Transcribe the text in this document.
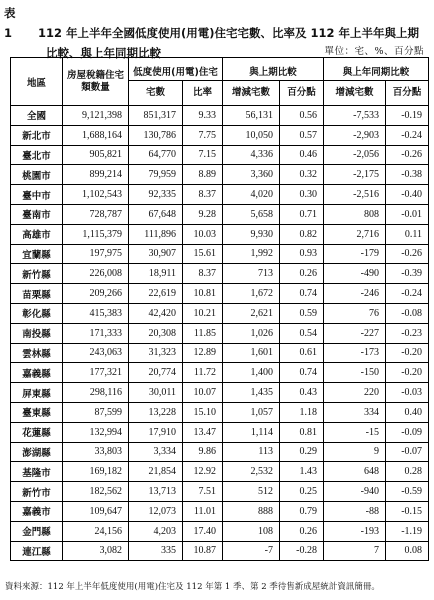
表 1 112 年上半年全國低度使用(用電)住宅宅數、比率及 112 年上半年與上期
比較、與上年同期比較	單位：宅、%、百分點
地區	房屋稅籍住宅類數量	低度使用(用電)住宅		與上期比較		與上年同期比較	
		宅數	比率	增減宅數	百分點	增減宅數	百分點
全國	9,121,398	851,317	9.33	56,131	0.56	-7,533	-0.19
新北市	1,688,164	130,786	7.75	10,050	0.57	-2,903	-0.24
臺北市	905,821	64,770	7.15	4,336	0.46	-2,056	-0.26
桃園市	899,214	79,959	8.89	3,360	0.32	-2,175	-0.38
臺中市	1,102,543	92,335	8.37	4,020	0.30	-2,516	-0.40
臺南市	728,787	67,648	9.28	5,658	0.71	808	-0.01
高雄市	1,115,379	111,896	10.03	9,930	0.82	2,716	0.11
宜蘭縣	197,975	30,907	15.61	1,992	0.93	-179	-0.26
新竹縣	226,008	18,911	8.37	713	0.26	-490	-0.39
苗栗縣	209,266	22,619	10.81	1,672	0.74	-246	-0.24
彰化縣	415,383	42,420	10.21	2,621	0.59	76	-0.08
南投縣	171,333	20,308	11.85	1,026	0.54	-227	-0.23
雲林縣	243,063	31,323	12.89	1,601	0.61	-173	-0.20
嘉義縣	177,321	20,774	11.72	1,400	0.74	-150	-0.20
屏東縣	298,116	30,011	10.07	1,435	0.43	220	-0.03
臺東縣	87,599	13,228	15.10	1,057	1.18	334	0.40
花蓮縣	132,994	17,910	13.47	1,114	0.81	-15	-0.09
澎湖縣	33,803	3,334	9.86	113	0.29	9	-0.07
基隆市	169,182	21,854	12.92	2,532	1.43	648	0.28
新竹市	182,562	13,713	7.51	512	0.25	-940	-0.59
嘉義市	109,647	12,073	11.01	888	0.79	-88	-0.15
金門縣	24,156	4,203	17.40	108	0.26	-193	-1.19
連江縣	3,082	335	10.87	-7	-0.28	7	0.08
資料來源：112 年上半年低度使用(用電)住宅及 112 年第 1 季、第 2 季待售新成屋統計資訊簡冊。
